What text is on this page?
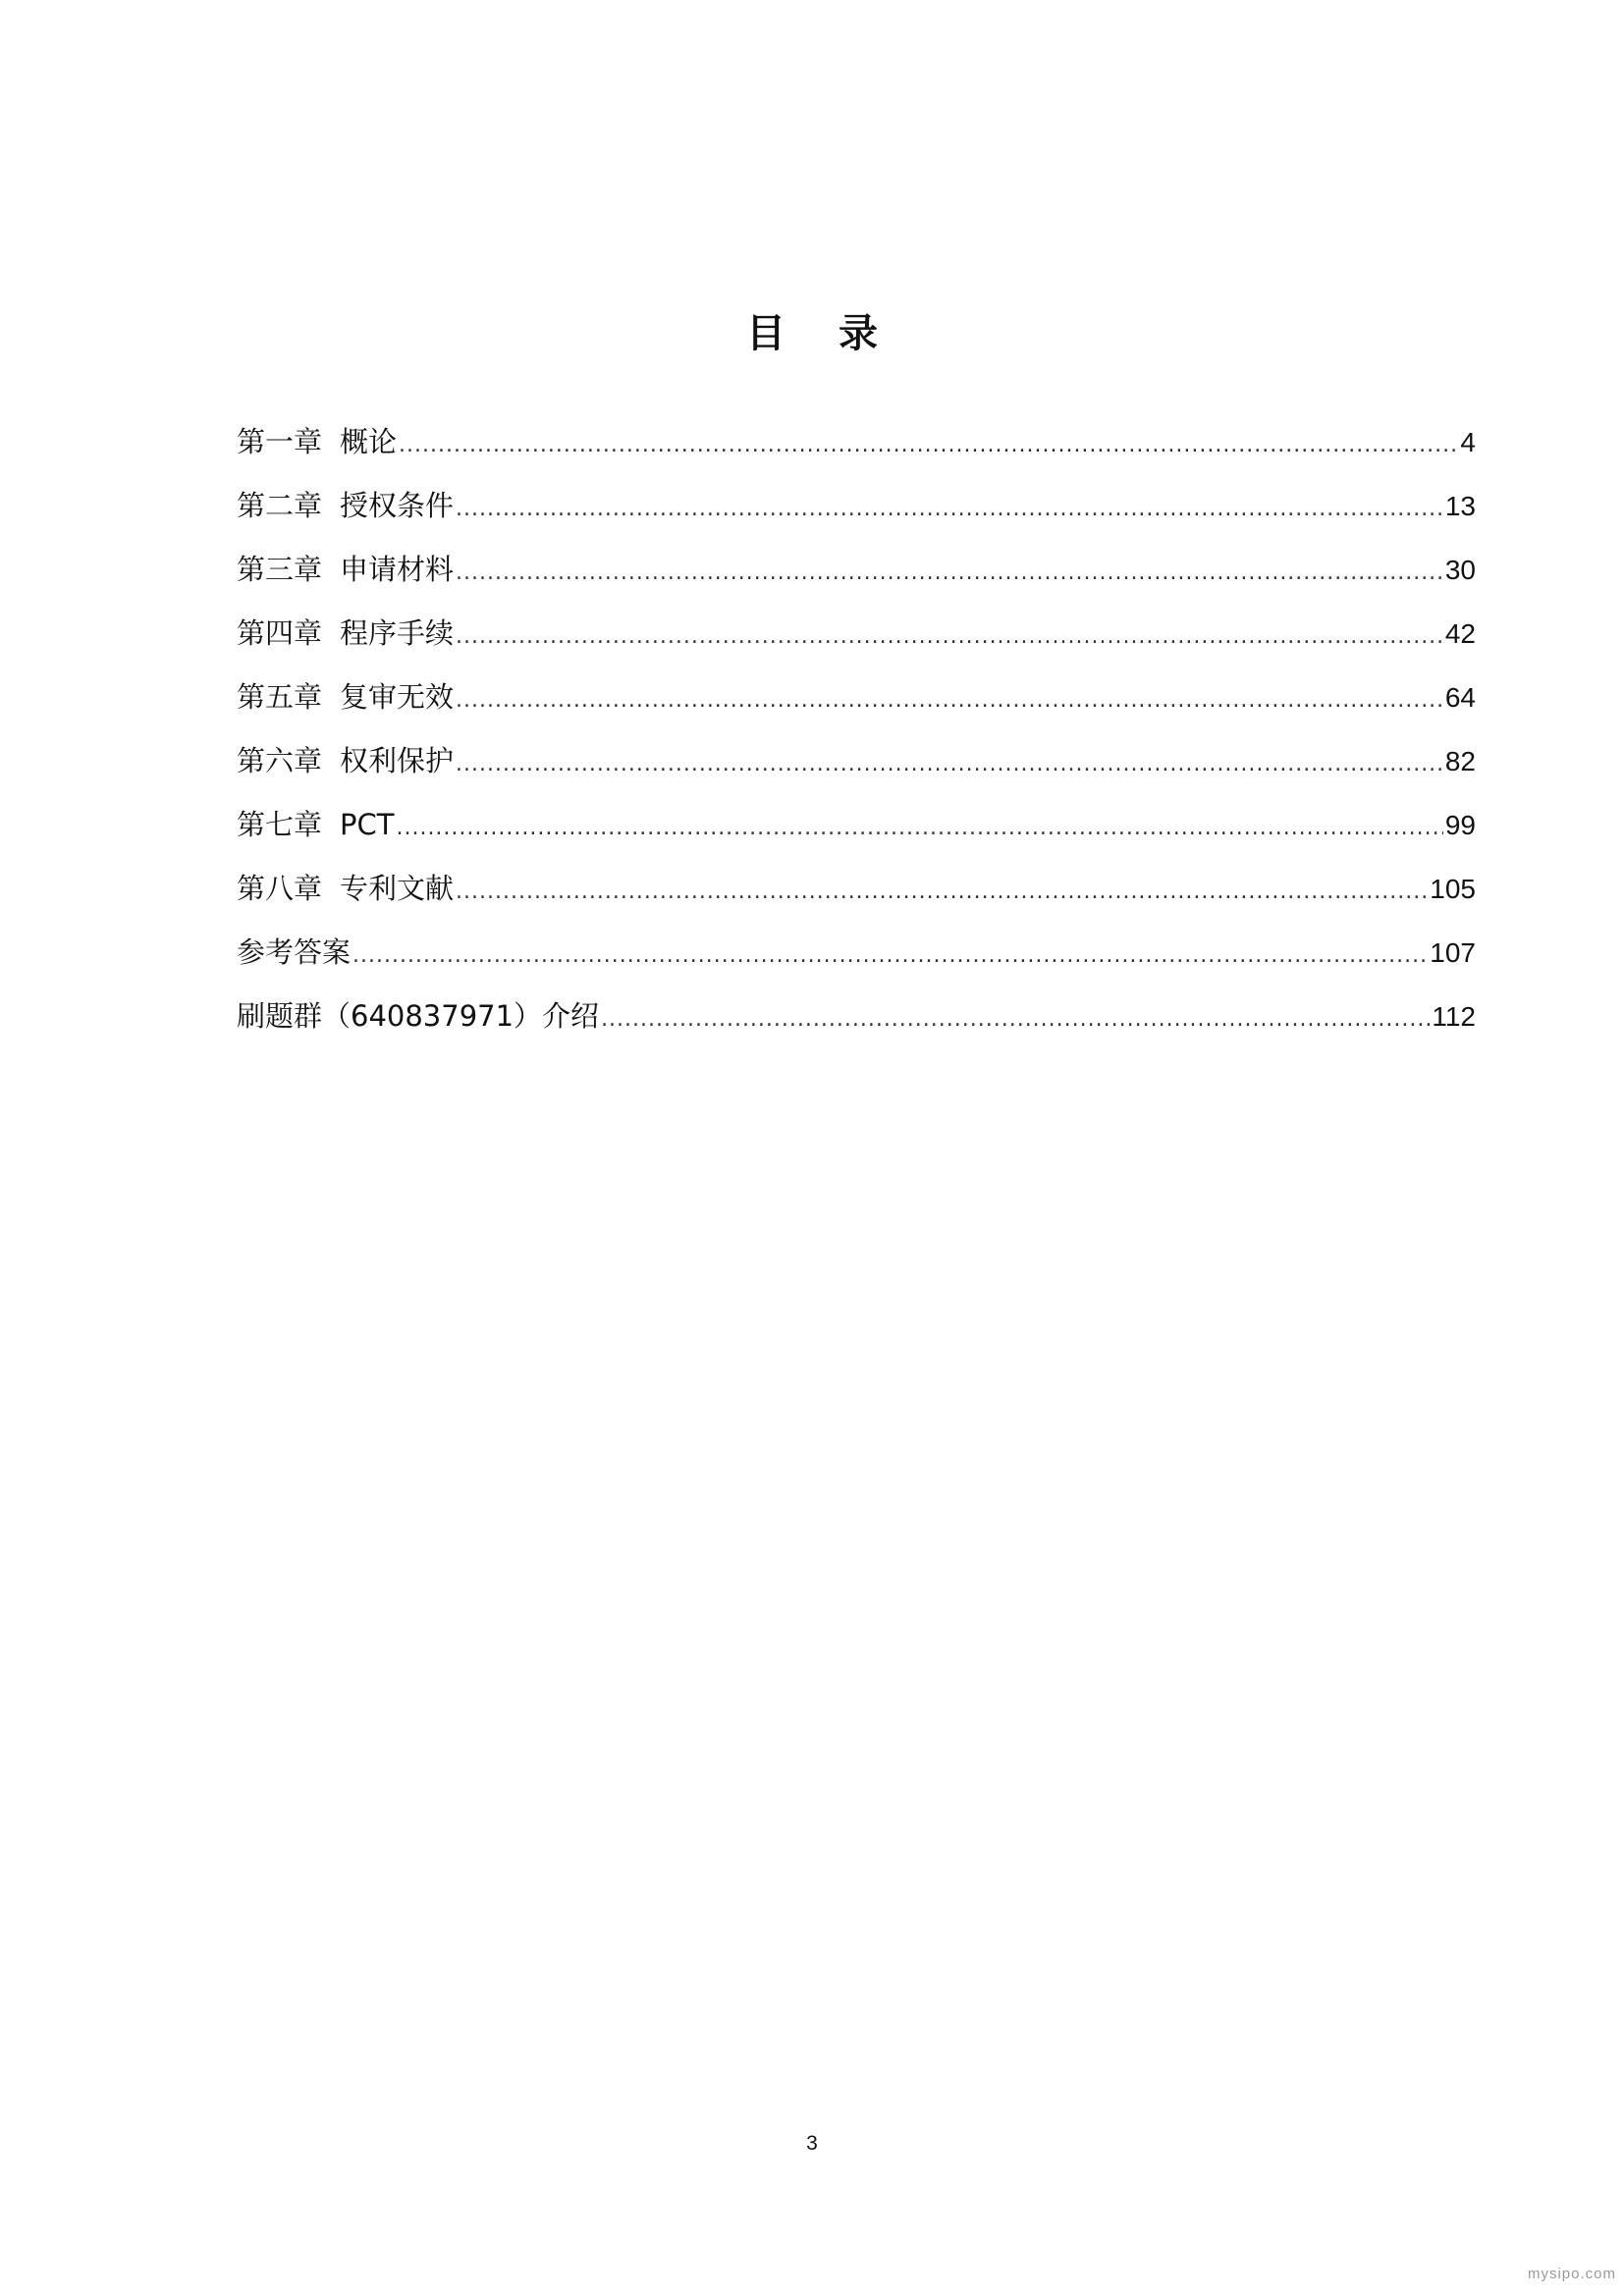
目 录
第一章 概论 .....	4
第二章 授权条件 .....	13
第三章 申请材料 .....	30
第四章 程序手续 .....	42
第五章 复审无效 .....	64
第六章 权利保护 .....	82
第七章 PCT .....	99
第八章 专利文献 .....	105
参考答案 .....	107
刷题群（640837971）介绍 .....	112
3
mysipo.com
